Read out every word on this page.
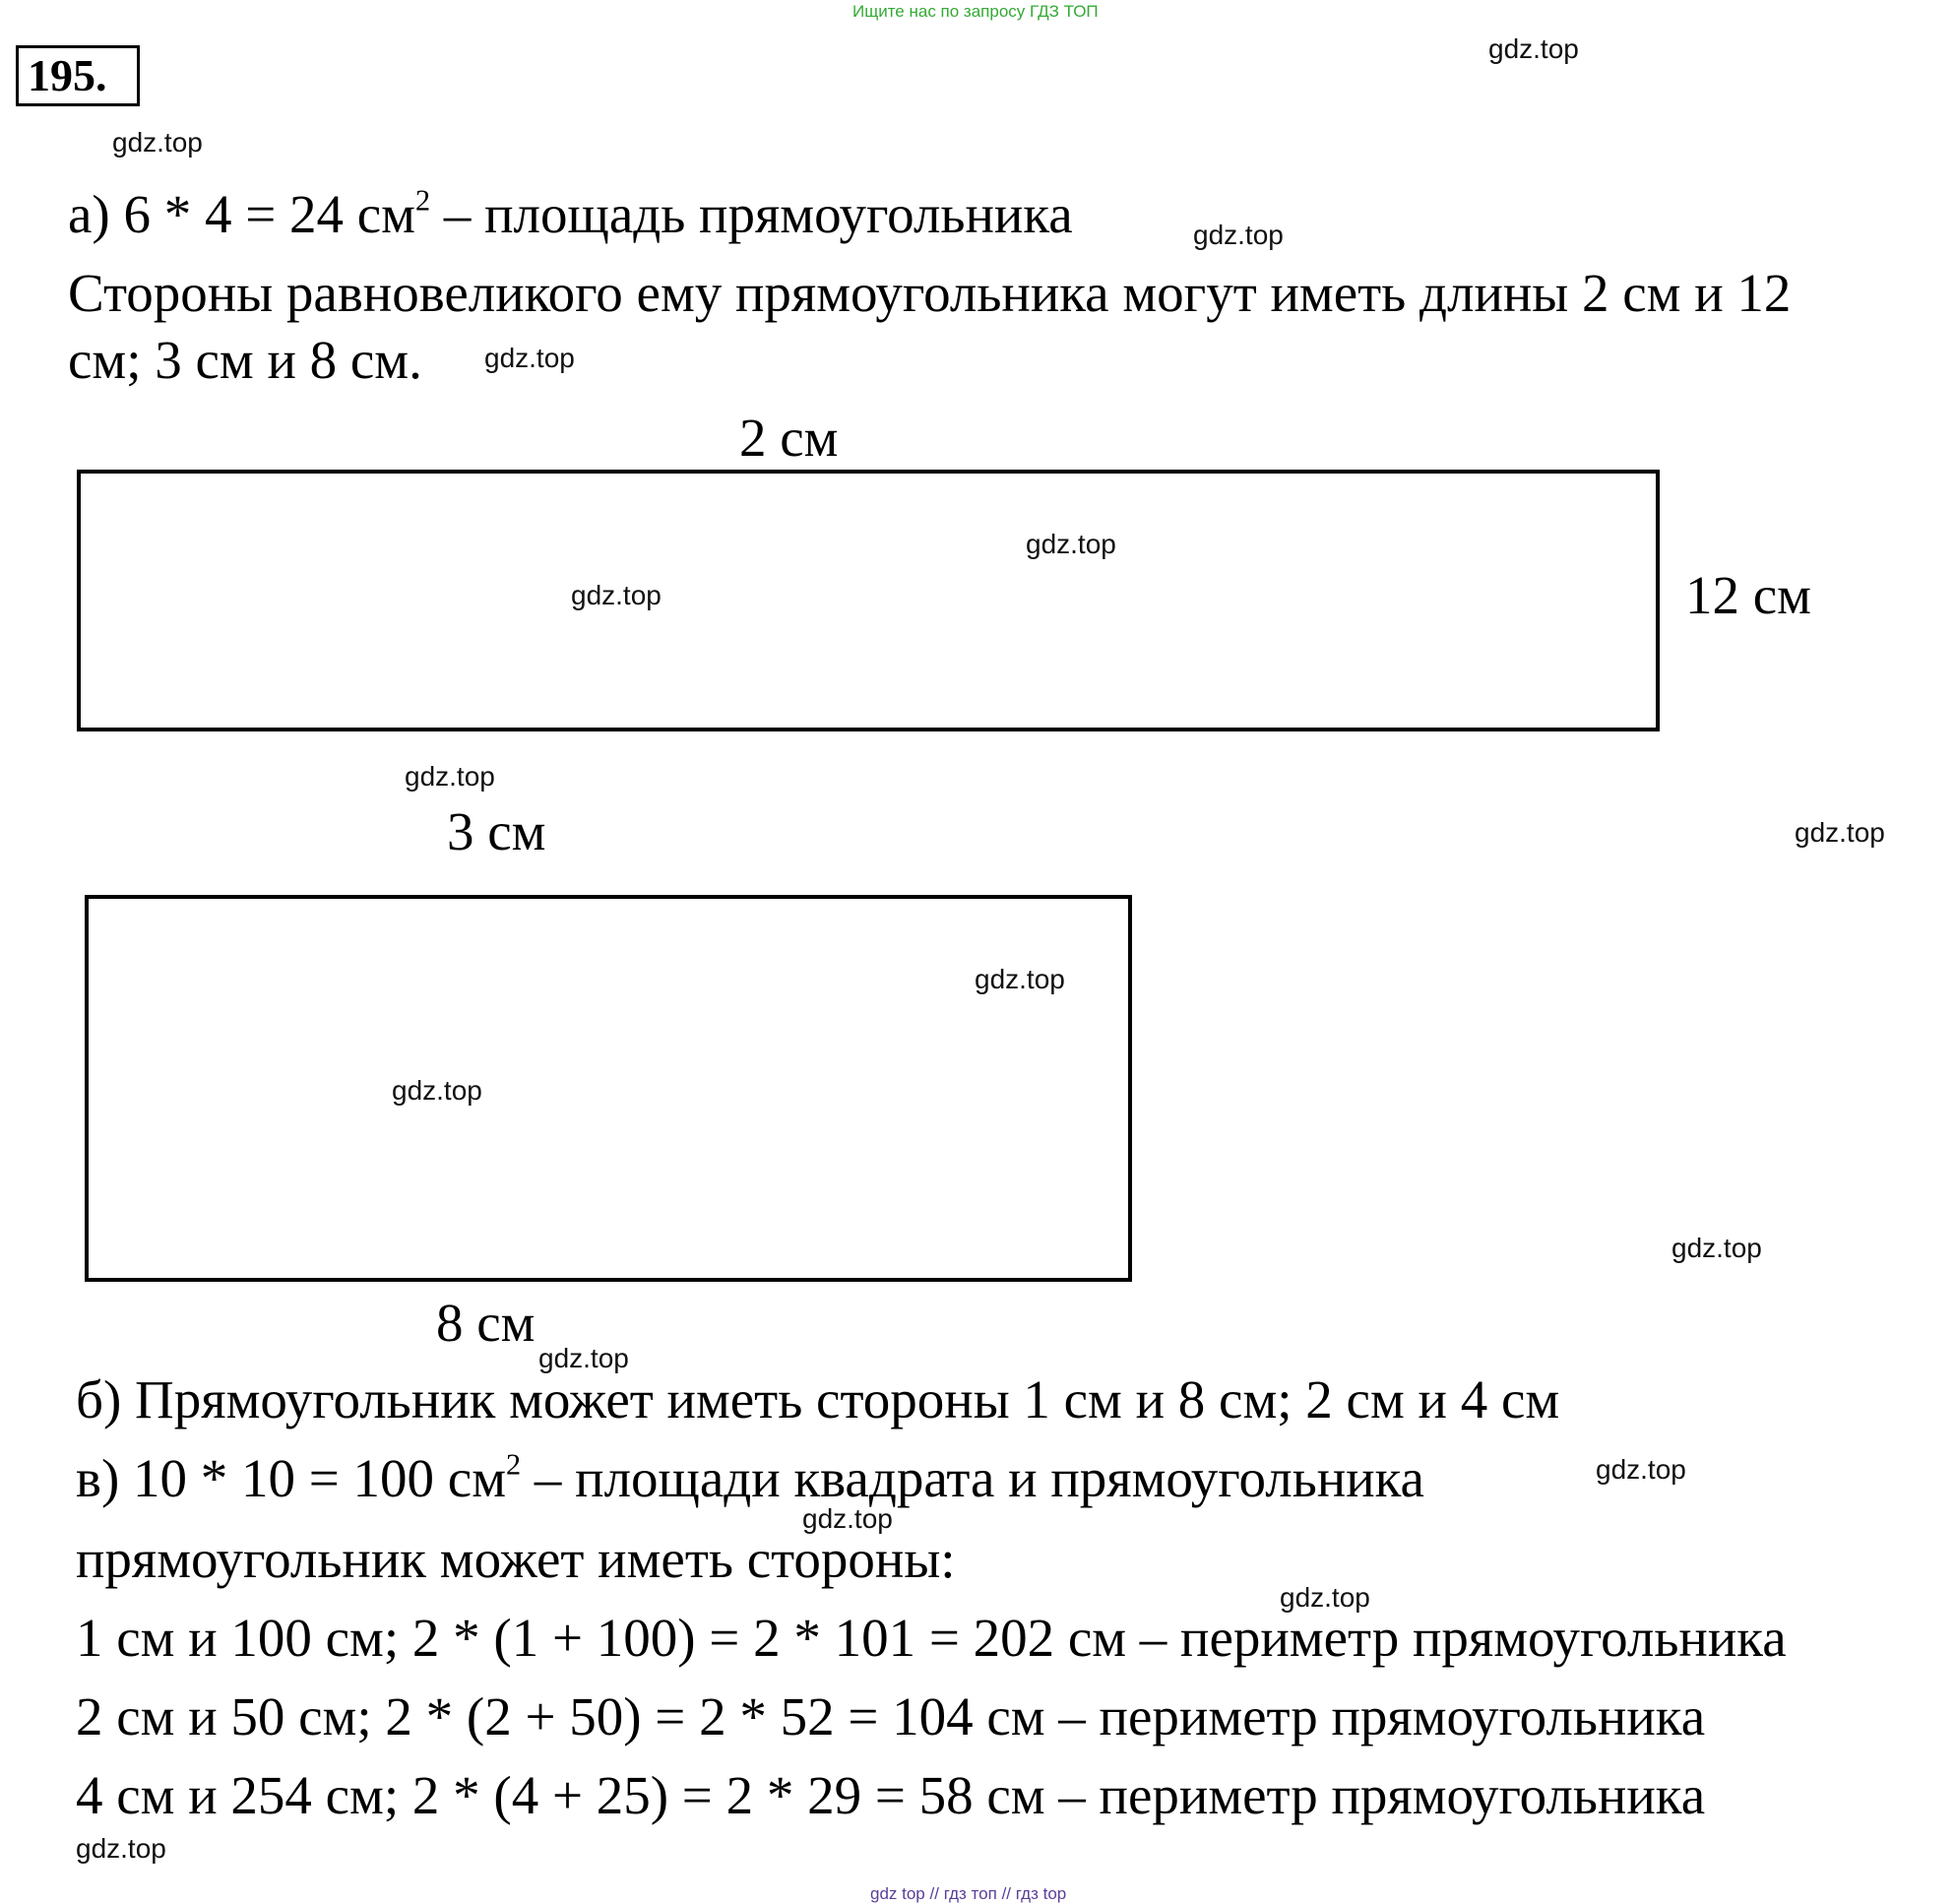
Ищите нас по запросу ГДЗ ТОП
195.
gdz.top
gdz.top
gdz.top
gdz.top
gdz.top
gdz.top
gdz.top
gdz.top
gdz.top
gdz.top
gdz.top
gdz.top
gdz.top
gdz.top
gdz.top
gdz.top
а) 6 * 4 = 24 $см^2$ – площадь прямоугольника
Стороны равновеликого ему прямоугольника могут иметь длины 2 см и 12
см; 3 см и 8 см.
2 см
12 см
3 см
8 см
б) Прямоугольник может иметь стороны 1 см и 8 см; 2 см и 4 см
в) 10 * 10 = 100 $см^2$ – площади квадрата и прямоугольника
прямоугольник может иметь стороны:
1 см и 100 см; 2 * (1 + 100) = 2 * 101 = 202 см – периметр прямоугольника
2 см и 50 см; 2 * (2 + 50) = 2 * 52 = 104 см – периметр прямоугольника
4 см и 254 см; 2 * (4 + 25) = 2 * 29 = 58 см – периметр прямоугольника
gdz top // гдз топ // гдз top
